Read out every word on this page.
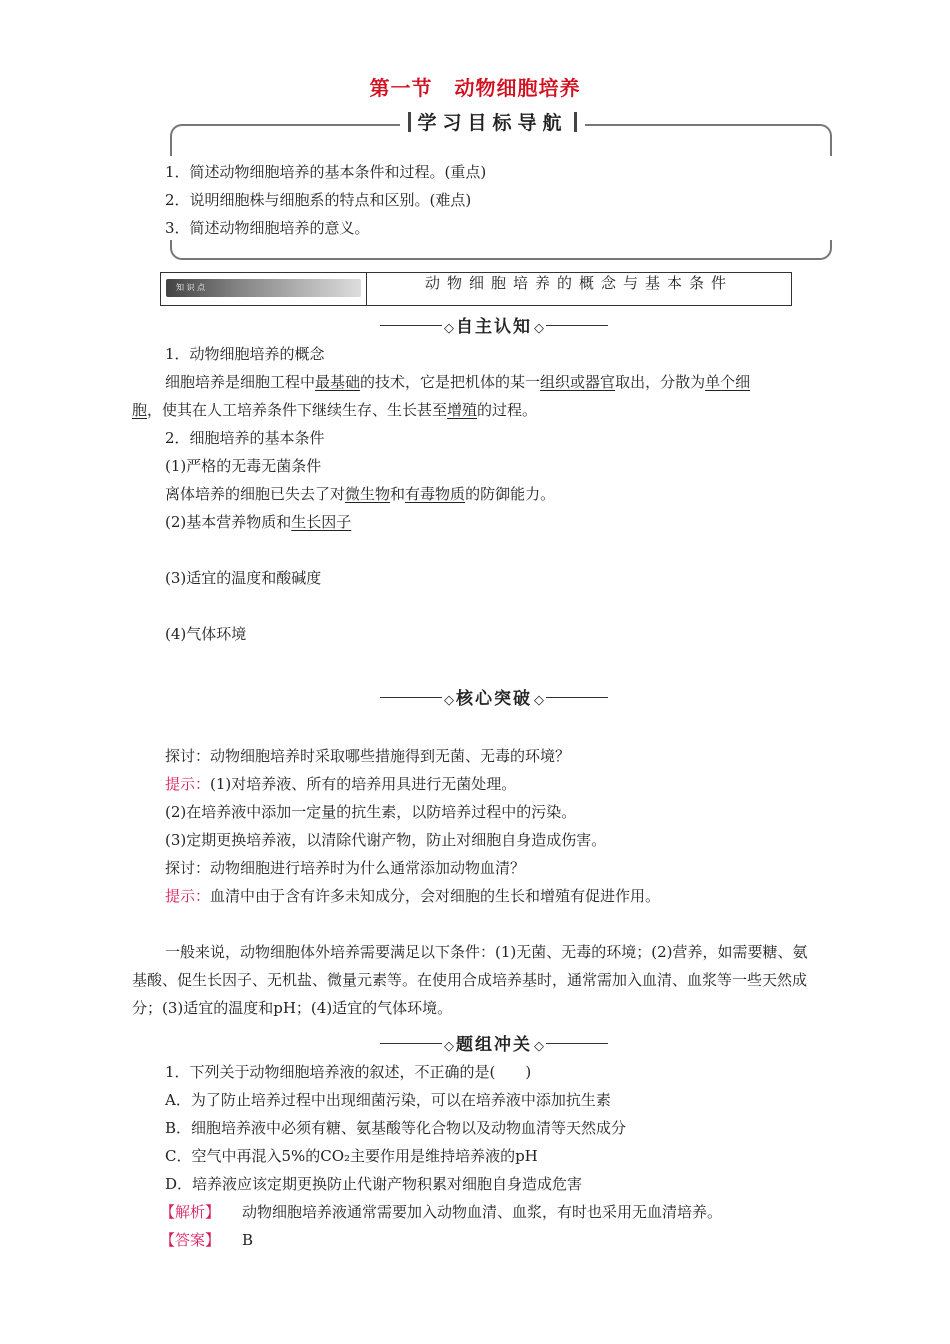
第一节 动物细胞培养
学习目标导航
1．简述动物细胞培养的基本条件和过程。(重点)
2．说明细胞株与细胞系的特点和区别。(难点)
3．简述动物细胞培养的意义。
知 识 点	动物细胞培养的概念与基本条件
◇ 自主认知 ◇
1．动物细胞培养的概念
细胞培养是细胞工程中最基础的技术，它是把机体的某一组织或器官取出，分散为单个细
胞，使其在人工培养条件下继续生存、生长甚至增殖的过程。
2．细胞培养的基本条件
(1)严格的无毒无菌条件
离体培养的细胞已失去了对微生物和有毒物质的防御能力。
(2)基本营养物质和生长因子
(3)适宜的温度和酸碱度
(4)气体环境
◇ 核心突破 ◇
探讨：动物细胞培养时采取哪些措施得到无菌、无毒的环境？
提示：(1)对培养液、所有的培养用具进行无菌处理。
(2)在培养液中添加一定量的抗生素，以防培养过程中的污染。
(3)定期更换培养液，以清除代谢产物，防止对细胞自身造成伤害。
探讨：动物细胞进行培养时为什么通常添加动物血清？
提示：血清中由于含有许多未知成分，会对细胞的生长和增殖有促进作用。
一般来说，动物细胞体外培养需要满足以下条件：(1)无菌、无毒的环境；(2)营养，如需要糖、氨基酸、促生长因子、无机盐、微量元素等。在使用合成培养基时，通常需加入血清、血浆等一些天然成分；(3)适宜的温度和pH；(4)适宜的气体环境。
◇ 题组冲关 ◇
1．下列关于动物细胞培养液的叙述，不正确的是(　　)
A．为了防止培养过程中出现细菌污染，可以在培养液中添加抗生素
B．细胞培养液中必须有糖、氨基酸等化合物以及动物血清等天然成分
C．空气中再混入5%的CO₂主要作用是维持培养液的pH
D．培养液应该定期更换防止代谢产物积累对细胞自身造成危害
【解析】 动物细胞培养液通常需要加入动物血清、血浆，有时也采用无血清培养。
【答案】 B
